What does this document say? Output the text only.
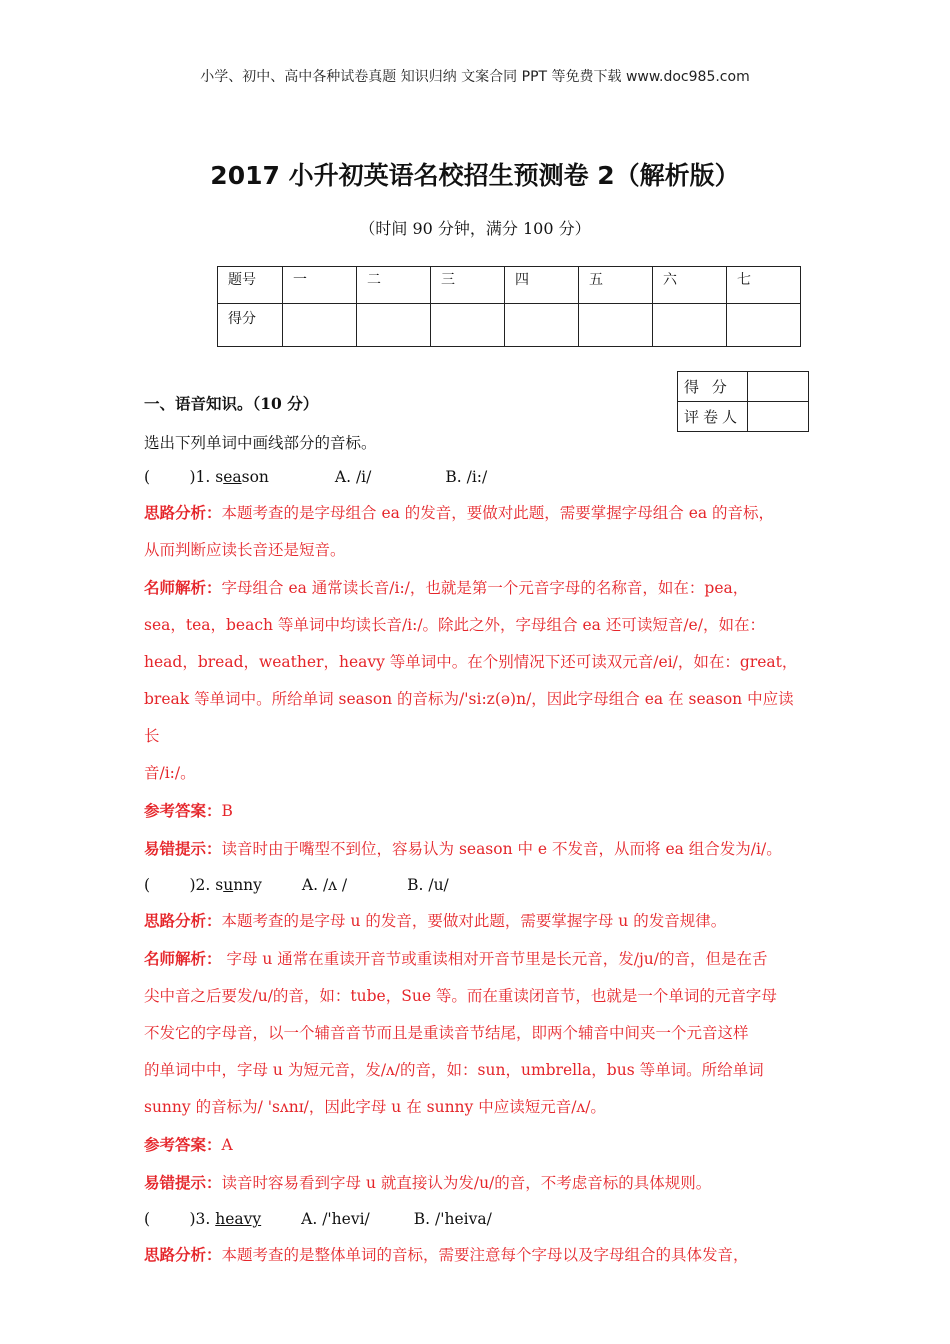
小学、初中、高中各种试卷真题 知识归纳 文案合同 PPT 等免费下载 www.doc985.com
2017 小升初英语名校招生预测卷 2（解析版）
（时间 90 分钟，满分 100 分）
题号	一	二	三	四	五	六	七
得分							
得 分	
评卷人	

一、语音知识。（10 分）

选出下列单词中画线部分的音标。

(        )1. season	A. /i/	B. /i:/

思路分析：本题考查的是字母组合 ea 的发音，要做对此题，需要掌握字母组合 ea 的音标，

从而判断应读长音还是短音。

名师解析：字母组合 ea 通常读长音/i:/，也就是第一个元音字母的名称音，如在：pea，

sea，tea，beach 等单词中均读长音/i:/。除此之外，字母组合 ea 还可读短音/e/，如在：

head，bread，weather，heavy 等单词中。在个别情况下还可读双元音/ei/，如在：great，

break 等单词中。所给单词 season 的音标为/'si:z(ə)n/，因此字母组合 ea 在 season 中应读长

音/i:/。

参考答案：B

易错提示：读音时由于嘴型不到位，容易认为 season 中 e 不发音，从而将 ea 组合发为/i/。

(        )2. sunny	A. /ʌ /	B. /u/

思路分析：本题考查的是字母 u 的发音，要做对此题，需要掌握字母 u 的发音规律。

名师解析： 字母 u 通常在重读开音节或重读相对开音节里是长元音，发/ju/的音，但是在舌

尖中音之后要发/u/的音，如：tube，Sue 等。而在重读闭音节，也就是一个单词的元音字母

不发它的字母音，以一个辅音音节而且是重读音节结尾，即两个辅音中间夹一个元音这样

的单词中中，字母 u 为短元音，发/ʌ/的音，如：sun，umbrella，bus 等单词。所给单词

sunny 的音标为/ 'sʌnɪ/，因此字母 u 在 sunny 中应读短元音/ʌ/。

参考答案：A

易错提示：读音时容易看到字母 u 就直接认为发/u/的音，不考虑音标的具体规则。

(        )3. heavy	A. /'hevi/	B. /'heiva/

思路分析：本题考查的是整体单词的音标，需要注意每个字母以及字母组合的具体发音，
